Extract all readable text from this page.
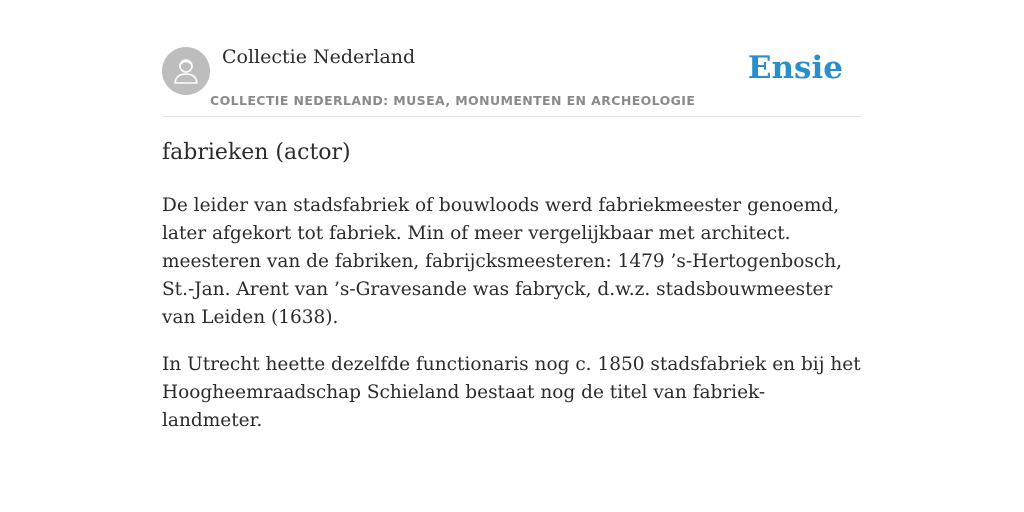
Collectie Nederland
COLLECTIE NEDERLAND: MUSEA, MONUMENTEN EN ARCHEOLOGIE
Ensie
fabrieken (actor)

De leider van stadsfabriek of bouwloods werd fabriekmeester genoemd, later afgekort tot fabriek. Min of meer vergelijkbaar met architect. meesteren van de fabriken, fabrijcksmeesteren: 1479 ’s-Hertogenbosch, St.-Jan. Arent van ’s-Gravesande was fabryck, d.w.z. stadsbouwmeester van Leiden (1638).

In Utrecht heette dezelfde functionaris nog c. 1850 stadsfabriek en bij het Hoogheemraadschap Schieland bestaat nog de titel van fabriek-landmeter.
